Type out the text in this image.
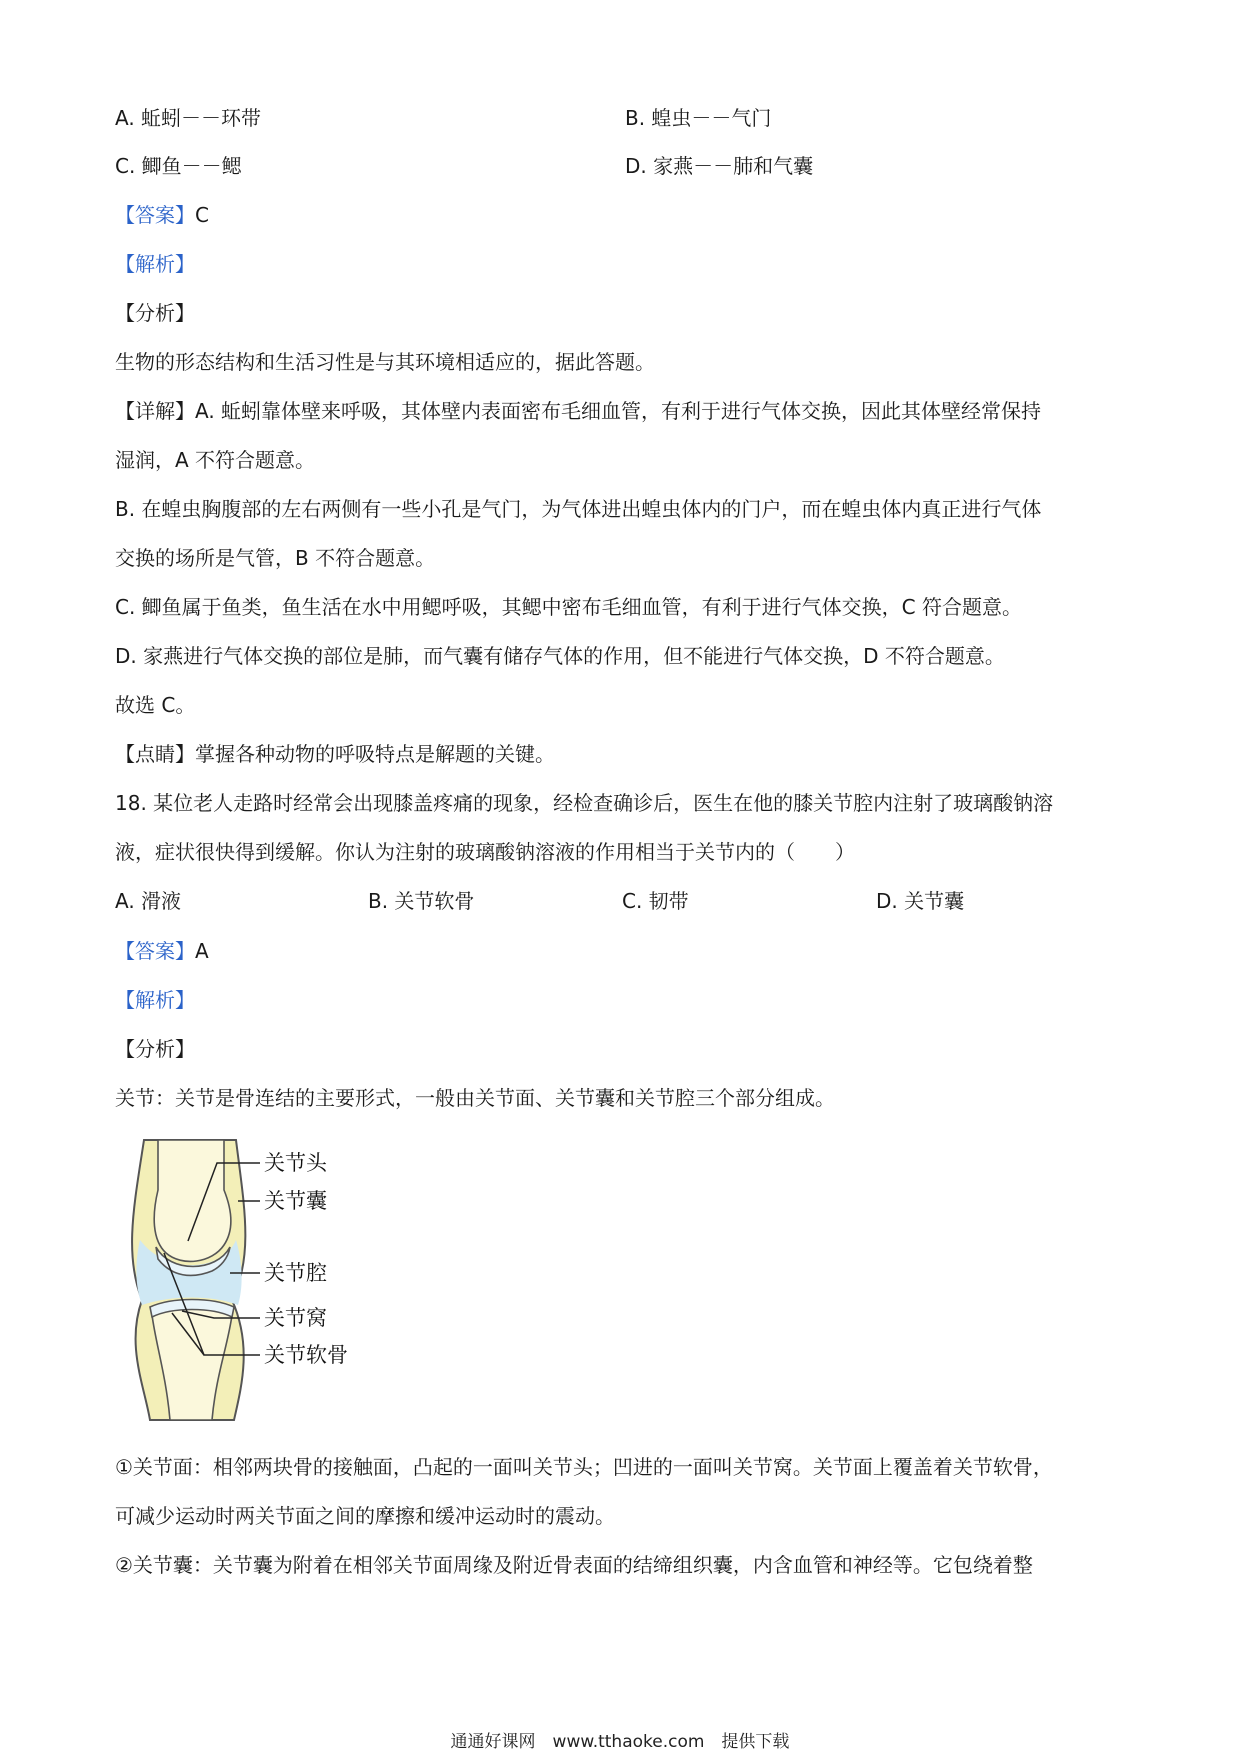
A. 蚯蚓－－环带	B. 蝗虫－－气门
C. 鲫鱼－－鳃	D. 家燕－－肺和气囊
【答案】C
【解析】
【分析】
生物的形态结构和生活习性是与其环境相适应的，据此答题。
【详解】A. 蚯蚓靠体壁来呼吸，其体壁内表面密布毛细血管，有利于进行气体交换，因此其体壁经常保持
湿润，A 不符合题意。
B. 在蝗虫胸腹部的左右两侧有一些小孔是气门，为气体进出蝗虫体内的门户，而在蝗虫体内真正进行气体
交换的场所是气管，B 不符合题意。
C. 鲫鱼属于鱼类，鱼生活在水中用鳃呼吸，其鳃中密布毛细血管，有利于进行气体交换，C 符合题意。
D. 家燕进行气体交换的部位是肺，而气囊有储存气体的作用，但不能进行气体交换，D 不符合题意。
故选 C。
【点睛】掌握各种动物的呼吸特点是解题的关键。
18. 某位老人走路时经常会出现膝盖疼痛的现象，经检查确诊后，医生在他的膝关节腔内注射了玻璃酸钠溶
液，症状很快得到缓解。你认为注射的玻璃酸钠溶液的作用相当于关节内的（　　）
A. 滑液	B. 关节软骨	C. 韧带	D. 关节囊
【答案】A
【解析】
【分析】
关节：关节是骨连结的主要形式，一般由关节面、关节囊和关节腔三个部分组成。
关节头
关节囊
关节腔
关节窝
关节软骨
①关节面：相邻两块骨的接触面，凸起的一面叫关节头；凹进的一面叫关节窝。关节面上覆盖着关节软骨，
可减少运动时两关节面之间的摩擦和缓冲运动时的震动。
②关节囊：关节囊为附着在相邻关节面周缘及附近骨表面的结缔组织囊，内含血管和神经等。它包绕着整
通通好课网　www.tthaoke.com　提供下载
